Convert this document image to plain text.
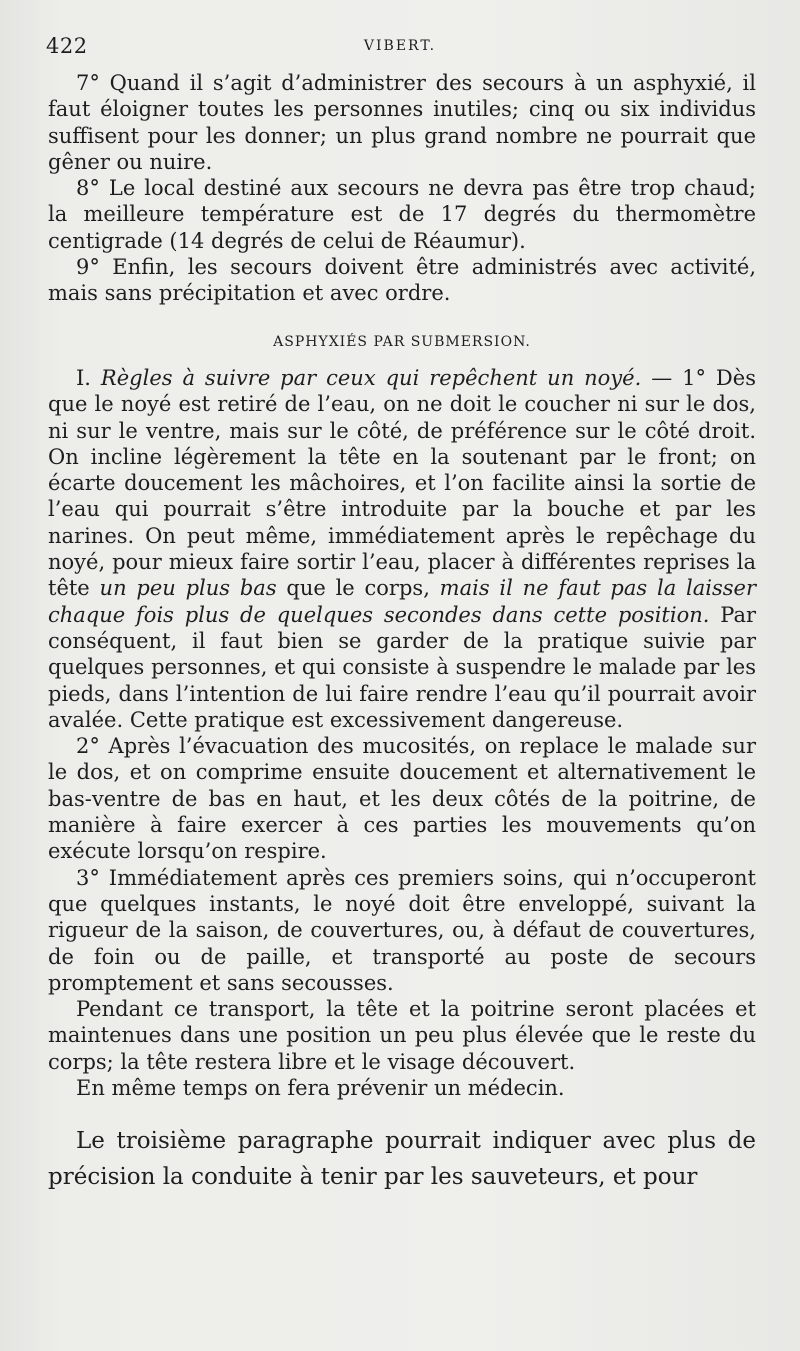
422	VIBERT.

7° Quand il s’agit d’administrer des secours à un asphyxié, il faut éloigner toutes les personnes inutiles; cinq ou six individus suffisent pour les donner; un plus grand nombre ne pourrait que gêner ou nuire.

8° Le local destiné aux secours ne devra pas être trop chaud; la meilleure température est de 17 degrés du thermomètre centigrade (14 degrés de celui de Réaumur).

9° Enfin, les secours doivent être administrés avec activité, mais sans précipitation et avec ordre.

ASPHYXIÉS PAR SUBMERSION.

I. Règles à suivre par ceux qui repêchent un noyé. — 1° Dès que le noyé est retiré de l’eau, on ne doit le coucher ni sur le dos, ni sur le ventre, mais sur le côté, de préférence sur le côté droit. On incline légèrement la tête en la soutenant par le front; on écarte doucement les mâchoires, et l’on facilite ainsi la sortie de l’eau qui pourrait s’être introduite par la bouche et par les narines. On peut même, immédiatement après le repêchage du noyé, pour mieux faire sortir l’eau, placer à différentes reprises la tête un peu plus bas que le corps, mais il ne faut pas la laisser chaque fois plus de quelques secondes dans cette position. Par conséquent, il faut bien se garder de la pratique suivie par quelques personnes, et qui consiste à suspendre le malade par les pieds, dans l’intention de lui faire rendre l’eau qu’il pourrait avoir avalée. Cette pratique est excessivement dangereuse.

2° Après l’évacuation des mucosités, on replace le malade sur le dos, et on comprime ensuite doucement et alternativement le bas-ventre de bas en haut, et les deux côtés de la poitrine, de manière à faire exercer à ces parties les mouvements qu’on exécute lorsqu’on respire.

3° Immédiatement après ces premiers soins, qui n’occuperont que quelques instants, le noyé doit être enveloppé, suivant la rigueur de la saison, de couvertures, ou, à défaut de couvertures, de foin ou de paille, et transporté au poste de secours promptement et sans secousses.

Pendant ce transport, la tête et la poitrine seront placées et maintenues dans une position un peu plus élevée que le reste du corps; la tête restera libre et le visage découvert.

En même temps on fera prévenir un médecin.

Le troisième paragraphe pourrait indiquer avec plus de précision la conduite à tenir par les sauveteurs, et pour
